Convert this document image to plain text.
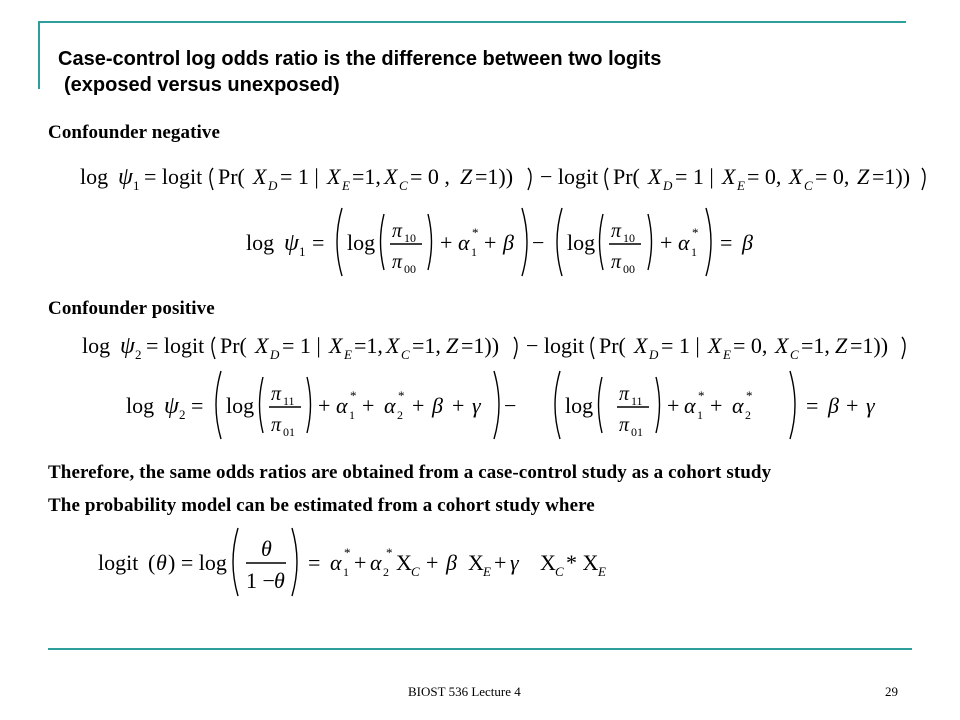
Case-control log odds ratio is the difference between two logits
(exposed versus unexposed)
Confounder negative
Confounder positive
Therefore, the same odds ratios are obtained from a case-control study as a cohort study
The probability model can be estimated from a cohort study where
log ψ 1 = logit Pr( X D = 1 | X E =1, X C = 0 , Z =1)) − logit Pr( X D = 1 | X E = 0, X C = 0, Z =1))
log ψ 1 = log π 10
π 00
+ α 1
* + β − log π 10
π 00
+ α 1
* = β
log ψ 2 = logit Pr( X D = 1 | X E =1, X C =1, Z =1)) − logit Pr( X D = 1 | X E = 0, X C =1, Z =1))
log ψ 2 = log π 11
π 01
+ α 1
* + α 2
* + β + γ − log π 11
π 01
+ α 1
* + α 2
* = β + γ
logit ( θ ) = log
θ
1 − θ
= α 1
* + α 2
* X C + β X E + γ X C * X E
BIOST 536 Lecture 4	29
